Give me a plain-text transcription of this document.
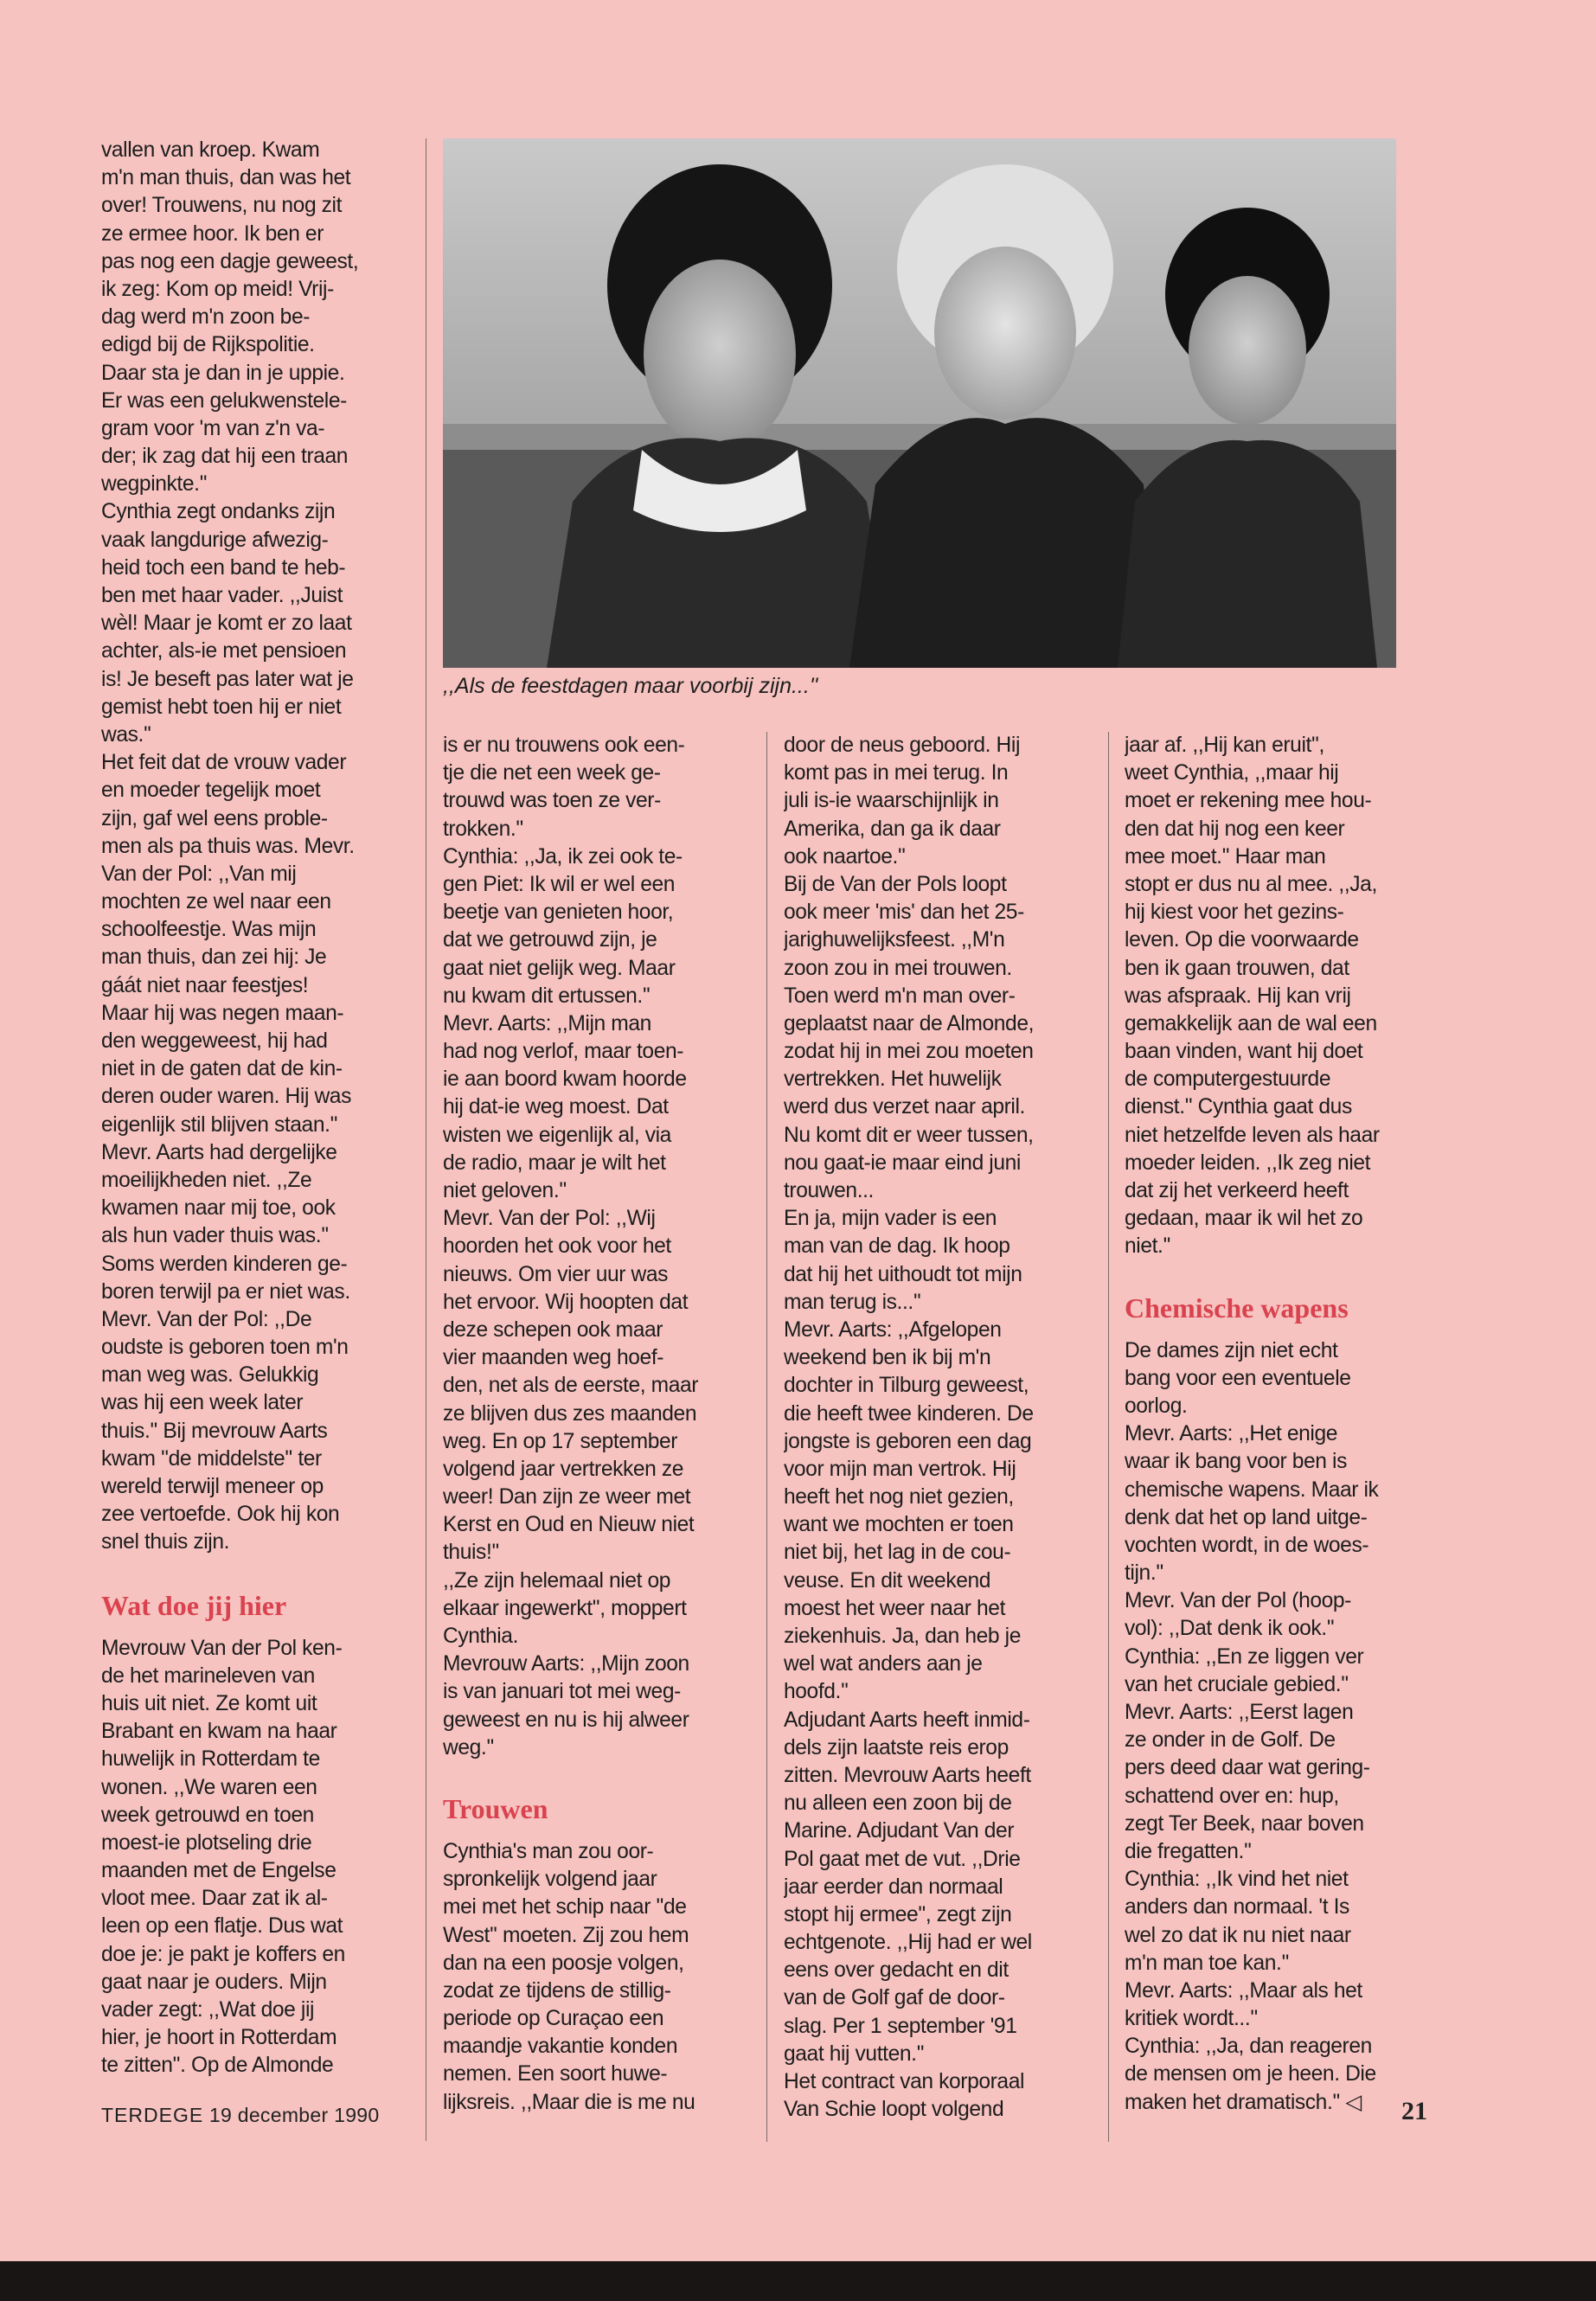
vallen van kroep. Kwam
m'n man thuis, dan was het
over! Trouwens, nu nog zit
ze ermee hoor. Ik ben er
pas nog een dagje geweest,
ik zeg: Kom op meid! Vrij-
dag werd m'n zoon be-
edigd bij de Rijkspolitie.
Daar sta je dan in je uppie.
Er was een gelukwenstele-
gram voor 'm van z'n va-
der; ik zag dat hij een traan
wegpinkte.''
Cynthia zegt ondanks zijn
vaak langdurige afwezig-
heid toch een band te heb-
ben met haar vader. ,,Juist
wèl! Maar je komt er zo laat
achter, als-ie met pensioen
is! Je beseft pas later wat je
gemist hebt toen hij er niet
was.''
Het feit dat de vrouw vader
en moeder tegelijk moet
zijn, gaf wel eens proble-
men als pa thuis was. Mevr.
Van der Pol: ,,Van mij
mochten ze wel naar een
schoolfeestje. Was mijn
man thuis, dan zei hij: Je
gáát niet naar feestjes!
Maar hij was negen maan-
den weggeweest, hij had
niet in de gaten dat de kin-
deren ouder waren. Hij was
eigenlijk stil blijven staan.''
Mevr. Aarts had dergelijke
moeilijkheden niet. ,,Ze
kwamen naar mij toe, ook
als hun vader thuis was.''
Soms werden kinderen ge-
boren terwijl pa er niet was.
Mevr. Van der Pol: ,,De
oudste is geboren toen m'n
man weg was. Gelukkig
was hij een week later
thuis.'' Bij mevrouw Aarts
kwam ''de middelste'' ter
wereld terwijl meneer op
zee vertoefde. Ook hij kon
snel thuis zijn.
Wat doe jij hier
Mevrouw Van der Pol ken-
de het marineleven van
huis uit niet. Ze komt uit
Brabant en kwam na haar
huwelijk in Rotterdam te
wonen. ,,We waren een
week getrouwd en toen
moest-ie plotseling drie
maanden met de Engelse
vloot mee. Daar zat ik al-
leen op een flatje. Dus wat
doe je: je pakt je koffers en
gaat naar je ouders. Mijn
vader zegt: ,,Wat doe jij
hier, je hoort in Rotterdam
te zitten''. Op de Almonde
,,Als de feestdagen maar voorbij zijn...''
is er nu trouwens ook een-
tje die net een week ge-
trouwd was toen ze ver-
trokken.''
Cynthia: ,,Ja, ik zei ook te-
gen Piet: Ik wil er wel een
beetje van genieten hoor,
dat we getrouwd zijn, je
gaat niet gelijk weg. Maar
nu kwam dit ertussen.''
Mevr. Aarts: ,,Mijn man
had nog verlof, maar toen-
ie aan boord kwam hoorde
hij dat-ie weg moest. Dat
wisten we eigenlijk al, via
de radio, maar je wilt het
niet geloven.''
Mevr. Van der Pol: ,,Wij
hoorden het ook voor het
nieuws. Om vier uur was
het ervoor. Wij hoopten dat
deze schepen ook maar
vier maanden weg hoef-
den, net als de eerste, maar
ze blijven dus zes maanden
weg. En op 17 september
volgend jaar vertrekken ze
weer! Dan zijn ze weer met
Kerst en Oud en Nieuw niet
thuis!''
,,Ze zijn helemaal niet op
elkaar ingewerkt'', moppert
Cynthia.
Mevrouw Aarts: ,,Mijn zoon
is van januari tot mei weg-
geweest en nu is hij alweer
weg.''
Trouwen
Cynthia's man zou oor-
spronkelijk volgend jaar
mei met het schip naar ''de
West'' moeten. Zij zou hem
dan na een poosje volgen,
zodat ze tijdens de stillig-
periode op Curaçao een
maandje vakantie konden
nemen. Een soort huwe-
lijksreis. ,,Maar die is me nu
door de neus geboord. Hij
komt pas in mei terug. In
juli is-ie waarschijnlijk in
Amerika, dan ga ik daar
ook naartoe.''
Bij de Van der Pols loopt
ook meer 'mis' dan het 25-
jarighuwelijksfeest. ,,M'n
zoon zou in mei trouwen.
Toen werd m'n man over-
geplaatst naar de Almonde,
zodat hij in mei zou moeten
vertrekken. Het huwelijk
werd dus verzet naar april.
Nu komt dit er weer tussen,
nou gaat-ie maar eind juni
trouwen...
En ja, mijn vader is een
man van de dag. Ik hoop
dat hij het uithoudt tot mijn
man terug is...''
Mevr. Aarts: ,,Afgelopen
weekend ben ik bij m'n
dochter in Tilburg geweest,
die heeft twee kinderen. De
jongste is geboren een dag
voor mijn man vertrok. Hij
heeft het nog niet gezien,
want we mochten er toen
niet bij, het lag in de cou-
veuse. En dit weekend
moest het weer naar het
ziekenhuis. Ja, dan heb je
wel wat anders aan je
hoofd.''
Adjudant Aarts heeft inmid-
dels zijn laatste reis erop
zitten. Mevrouw Aarts heeft
nu alleen een zoon bij de
Marine. Adjudant Van der
Pol gaat met de vut. ,,Drie
jaar eerder dan normaal
stopt hij ermee'', zegt zijn
echtgenote. ,,Hij had er wel
eens over gedacht en dit
van de Golf gaf de door-
slag. Per 1 september '91
gaat hij vutten.''
Het contract van korporaal
Van Schie loopt volgend
jaar af. ,,Hij kan eruit'',
weet Cynthia, ,,maar hij
moet er rekening mee hou-
den dat hij nog een keer
mee moet.'' Haar man
stopt er dus nu al mee. ,,Ja,
hij kiest voor het gezins-
leven. Op die voorwaarde
ben ik gaan trouwen, dat
was afspraak. Hij kan vrij
gemakkelijk aan de wal een
baan vinden, want hij doet
de computergestuurde
dienst.'' Cynthia gaat dus
niet hetzelfde leven als haar
moeder leiden. ,,Ik zeg niet
dat zij het verkeerd heeft
gedaan, maar ik wil het zo
niet.''
Chemische wapens
De dames zijn niet echt
bang voor een eventuele
oorlog.
Mevr. Aarts: ,,Het enige
waar ik bang voor ben is
chemische wapens. Maar ik
denk dat het op land uitge-
vochten wordt, in de woes-
tijn.''
Mevr. Van der Pol (hoop-
vol): ,,Dat denk ik ook.''
Cynthia: ,,En ze liggen ver
van het cruciale gebied.''
Mevr. Aarts: ,,Eerst lagen
ze onder in de Golf. De
pers deed daar wat gering-
schattend over en: hup,
zegt Ter Beek, naar boven
die fregatten.''
Cynthia: ,,Ik vind het niet
anders dan normaal. 't Is
wel zo dat ik nu niet naar
m'n man toe kan.''
Mevr. Aarts: ,,Maar als het
kritiek wordt...''
Cynthia: ,,Ja, dan reageren
de mensen om je heen. Die
maken het dramatisch.'' ◁
TERDEGE 19 december 1990	21
